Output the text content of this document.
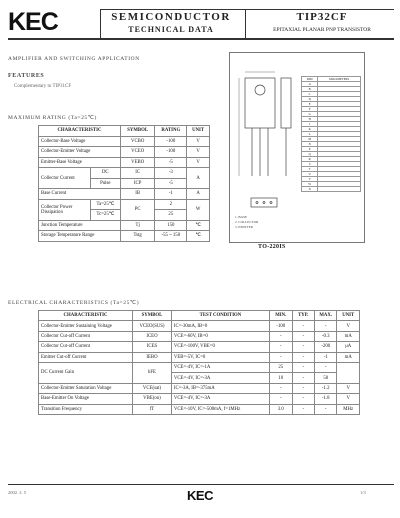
KEC	SEMICONDUCTOR
TECHNICAL DATA
TIP32CF
EPITAXIAL PLANAR PNP TRANSISTOR
AMPLIFIER AND SWITCHING APPLICATION
FEATURES
Complementary to TIP31CF
MAXIMUM RATING (Ta=25℃)
CHARACTERISTIC		SYMBOL	RATING	UNIT
Collector-Base Voltage		VCBO	-100	V
Collector-Emitter Voltage		VCEO	-100	V
Emitter-Base Voltage		VEBO	-5	V
Collector Current	DC	IC	-3	A
	Pulse	ICP	-5	
Base Current		IB	-1	A

Collector Power
Dissipation	Ta=25℃	PC	2	W
	Tc=25℃		25	
Junction Temperature		Tj	150	℃
Storage Temperature Range		Tstg	-55 ~ 150	℃
1. BASE
2. COLLECTOR
3. EMITTER
DIM	MILLIMETERS
A	
B	
C	
D	
E	
F	
G	
H	
J	
K	
L	
M	
N	
P	
Q	
R	
S	
T	
U	
V	
W	
X	
TO-220IS
ELECTRICAL CHARACTERISTICS (Ta=25℃)
CHARACTERISTIC	SYMBOL	TEST CONDITION	MIN.	TYP.	MAX.	UNIT
Collector-Emitter Sustaining Voltage	VCEO(SUS)	IC=-30mA, IB=0	-100	-	-	V
Collector Cut-off Current	ICEO	VCE=-60V, IB=0	-	-	-0.3	mA
Collector Cut-off Current	ICES	VCE=-100V, VBE=0	-	-	-200	μA
Emitter Cut-off Current	IEBO	VEB=-5V, IC=0	-	-	-1	mA
DC Current Gain	hFE	VCE=-4V, IC=-1A	25	-	-	
		VCE=-4V, IC=-3A	10	-	50	
Collector-Emitter Saturation Voltage	VCE(sat)	IC=-3A, IB=-375mA	-	-	-1.2	V
Base-Emitter On Voltage	VBE(on)	VCE=-4V, IC=-3A	-	-	-1.8	V
Transition Frequency	fT	VCE=-10V, IC=-500mA, f=1MHz	3.0	-	-	MHz
2002. 2. 5	KEC	1/3
